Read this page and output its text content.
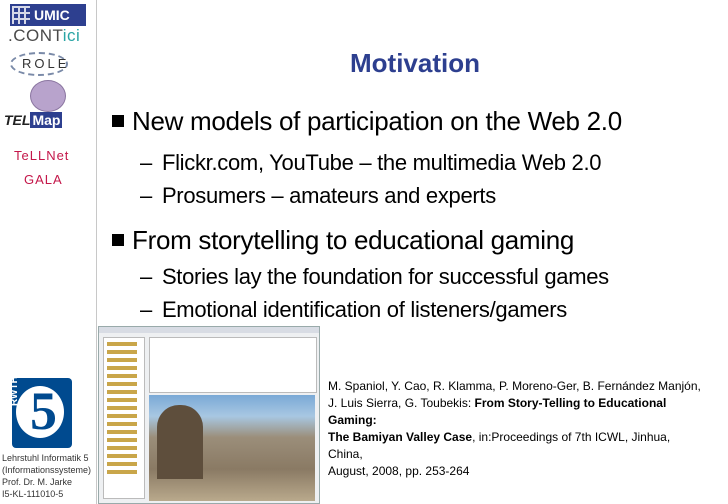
UMIC
.CONTici
ROLE
TEL Map
TeLLNet
GALA
5
RWTH
Lehrstuhl Informatik 5
(Informationssysteme)
Prof. Dr. M. Jarke
I5-KL-111010-5
Motivation
New models of participation on the Web 2.0
– Flickr.com, YouTube – the multimedia Web 2.0
– Prosumers – amateurs and experts
From storytelling to educational gaming
– Stories lay the foundation for successful games
– Emotional identification of listeners/gamers
M. Spaniol, Y. Cao, R. Klamma, P. Moreno-Ger, B. Fernández Manjón,
J. Luis Sierra, G. Toubekis: From Story-Telling to Educational Gaming:
The Bamiyan Valley Case, in:Proceedings of 7th ICWL, Jinhua, China,
August, 2008, pp. 253-264
